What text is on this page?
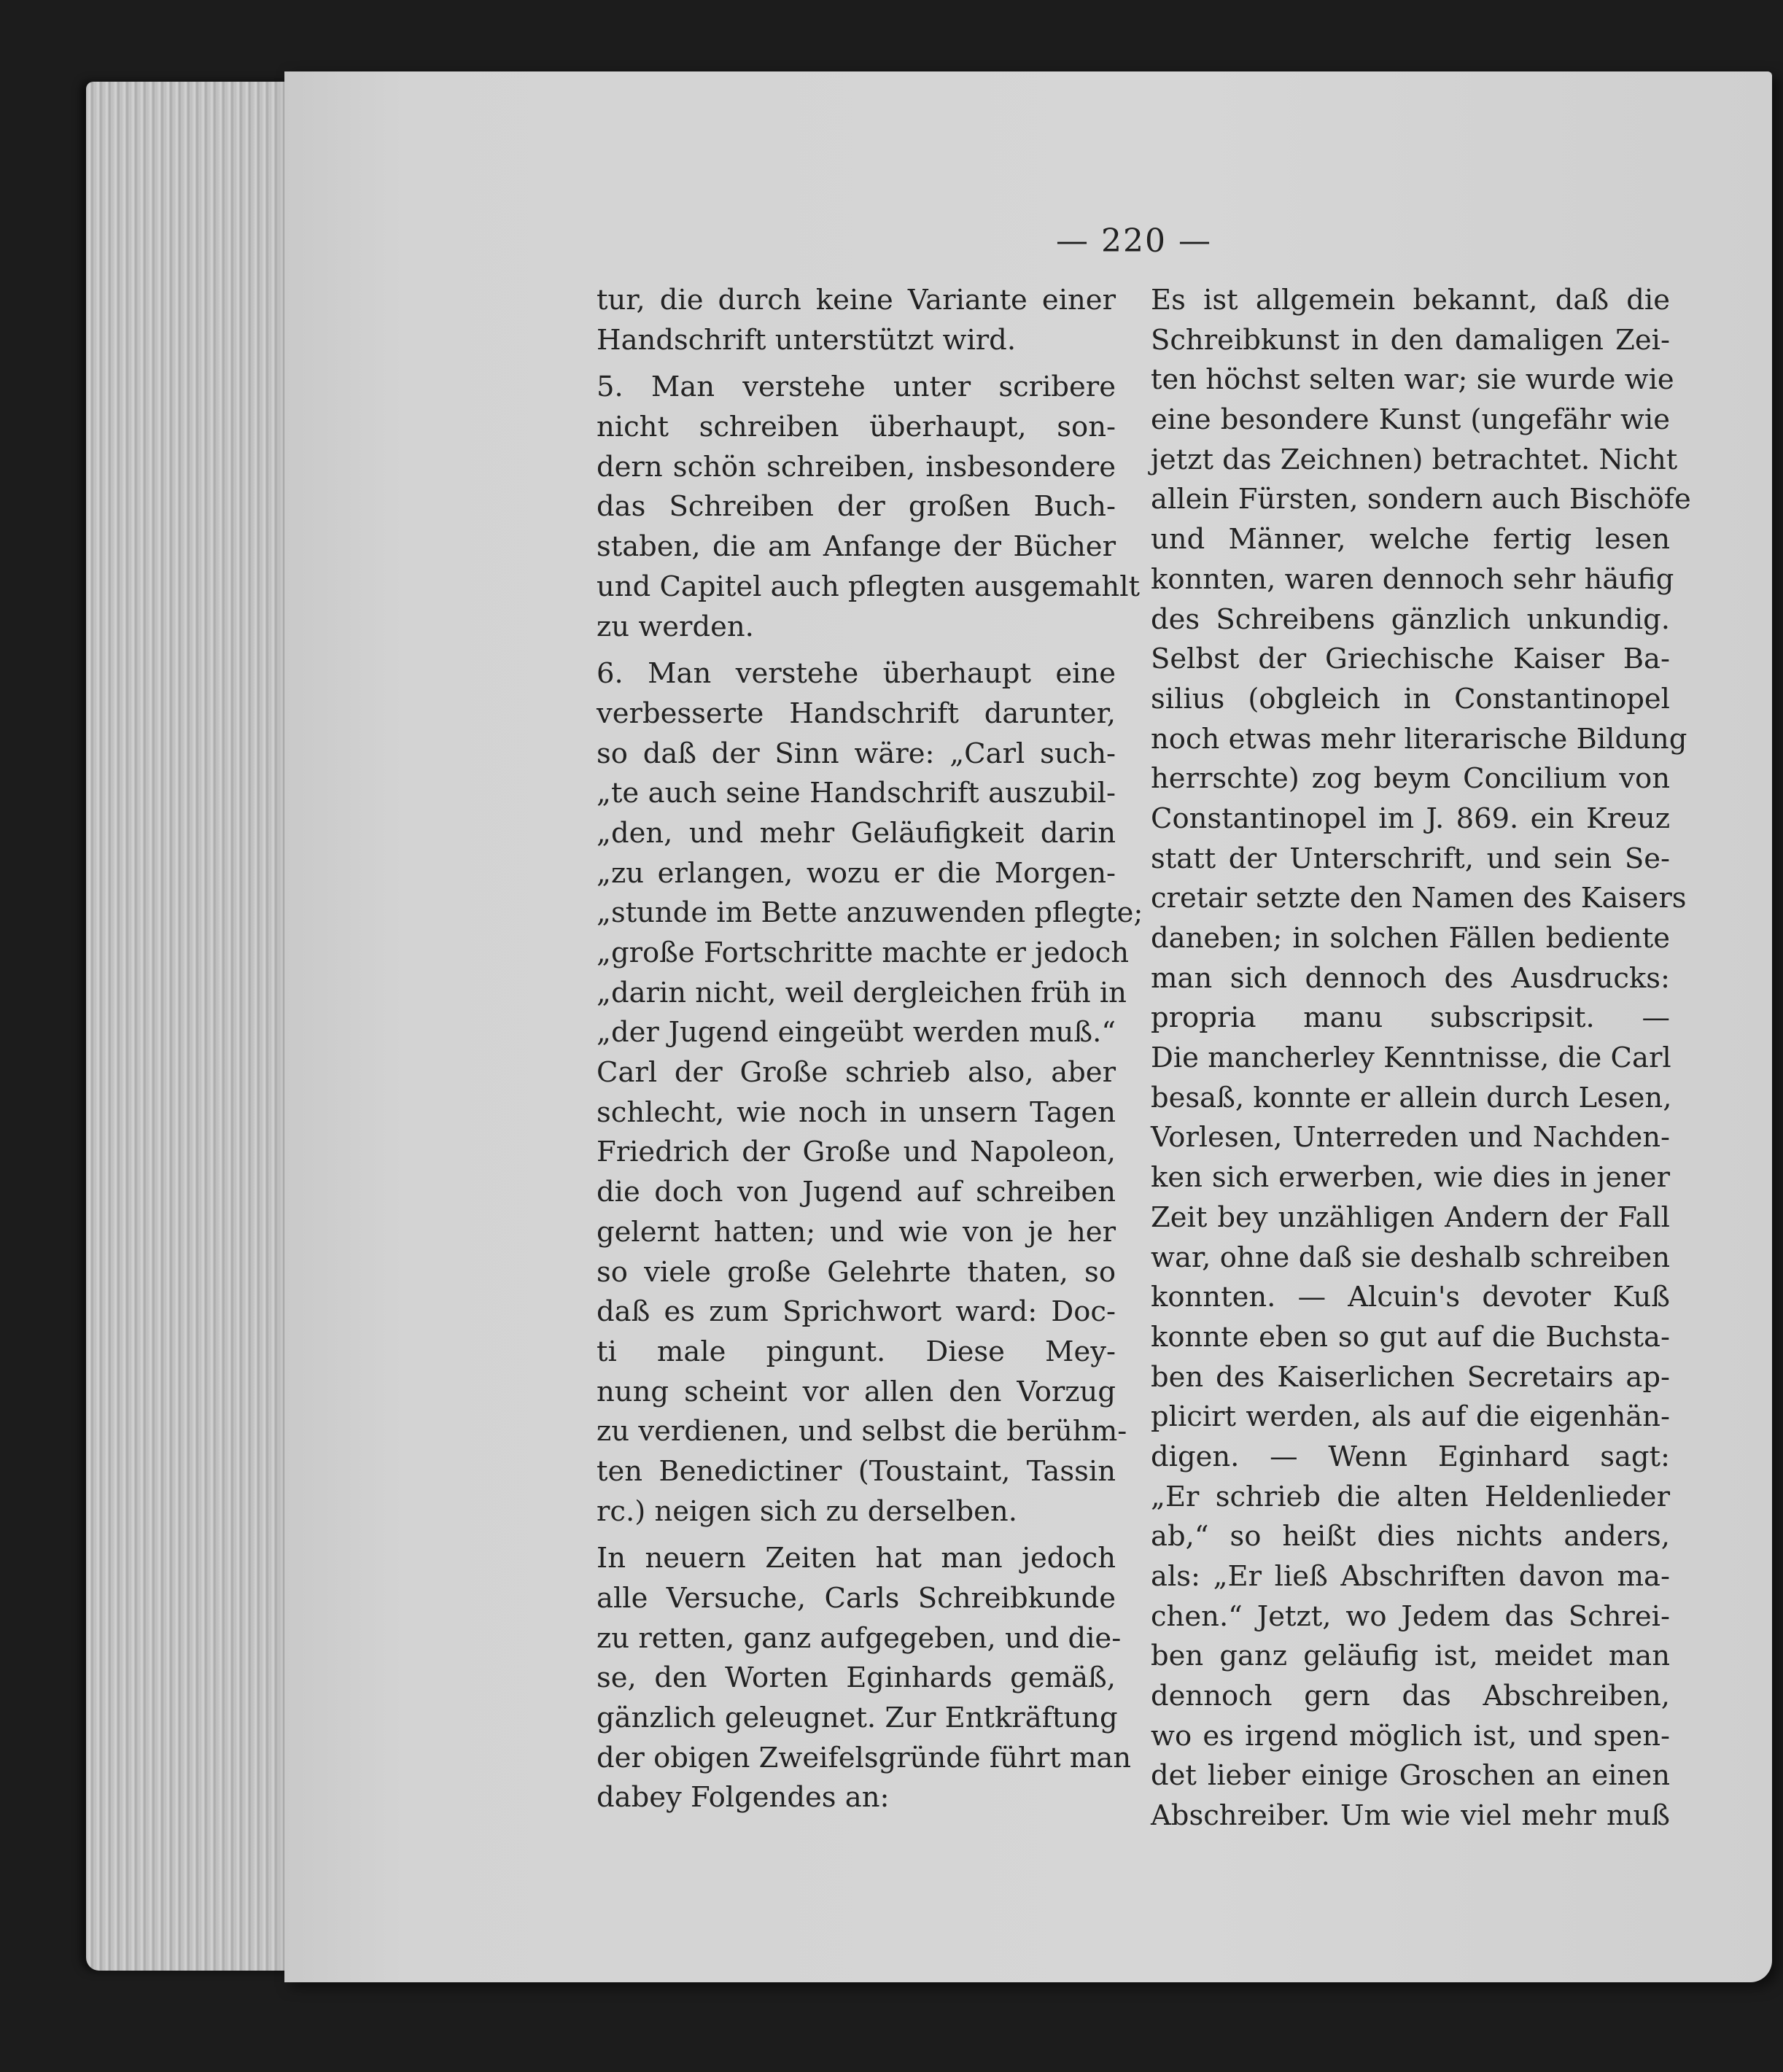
— 220 —
tur, die durch keine Variante einer
Handschrift unterstützt wird.
5. Man verstehe unter scribere
nicht schreiben überhaupt, son-
dern schön schreiben, insbesondere
das Schreiben der großen Buch-
staben, die am Anfange der Bücher
und Capitel auch pflegten ausgemahlt
zu werden.
6. Man verstehe überhaupt eine
verbesserte Handschrift darunter,
so daß der Sinn wäre: „Carl such-
„te auch seine Handschrift auszubil-
„den, und mehr Geläufigkeit darin
„zu erlangen, wozu er die Morgen-
„stunde im Bette anzuwenden pflegte;
„große Fortschritte machte er jedoch
„darin nicht, weil dergleichen früh in
„der Jugend eingeübt werden muß.“
Carl der Große schrieb also, aber
schlecht, wie noch in unsern Tagen
Friedrich der Große und Napoleon,
die doch von Jugend auf schreiben
gelernt hatten; und wie von je her
so viele große Gelehrte thaten, so
daß es zum Sprichwort ward: Doc-
ti male pingunt. Diese Mey-
nung scheint vor allen den Vorzug
zu verdienen, und selbst die berühm-
ten Benedictiner (Toustaint, Tassin
rc.) neigen sich zu derselben.
In neuern Zeiten hat man jedoch
alle Versuche, Carls Schreibkunde
zu retten, ganz aufgegeben, und die-
se, den Worten Eginhards gemäß,
gänzlich geleugnet. Zur Entkräftung
der obigen Zweifelsgründe führt man
dabey Folgendes an:
Es ist allgemein bekannt, daß die
Schreibkunst in den damaligen Zei-
ten höchst selten war; sie wurde wie
eine besondere Kunst (ungefähr wie
jetzt das Zeichnen) betrachtet. Nicht
allein Fürsten, sondern auch Bischöfe
und Männer, welche fertig lesen
konnten, waren dennoch sehr häufig
des Schreibens gänzlich unkundig.
Selbst der Griechische Kaiser Ba-
silius (obgleich in Constantinopel
noch etwas mehr literarische Bildung
herrschte) zog beym Concilium von
Constantinopel im J. 869. ein Kreuz
statt der Unterschrift, und sein Se-
cretair setzte den Namen des Kaisers
daneben; in solchen Fällen bediente
man sich dennoch des Ausdrucks:
propria manu subscripsit. —
Die mancherley Kenntnisse, die Carl
besaß, konnte er allein durch Lesen,
Vorlesen, Unterreden und Nachden-
ken sich erwerben, wie dies in jener
Zeit bey unzähligen Andern der Fall
war, ohne daß sie deshalb schreiben
konnten. — Alcuin's devoter Kuß
konnte eben so gut auf die Buchsta-
ben des Kaiserlichen Secretairs ap-
plicirt werden, als auf die eigenhän-
digen. — Wenn Eginhard sagt:
„Er schrieb die alten Heldenlieder
ab,“ so heißt dies nichts anders,
als: „Er ließ Abschriften davon ma-
chen.“ Jetzt, wo Jedem das Schrei-
ben ganz geläufig ist, meidet man
dennoch gern das Abschreiben,
wo es irgend möglich ist, und spen-
det lieber einige Groschen an einen
Abschreiber. Um wie viel mehr muß
